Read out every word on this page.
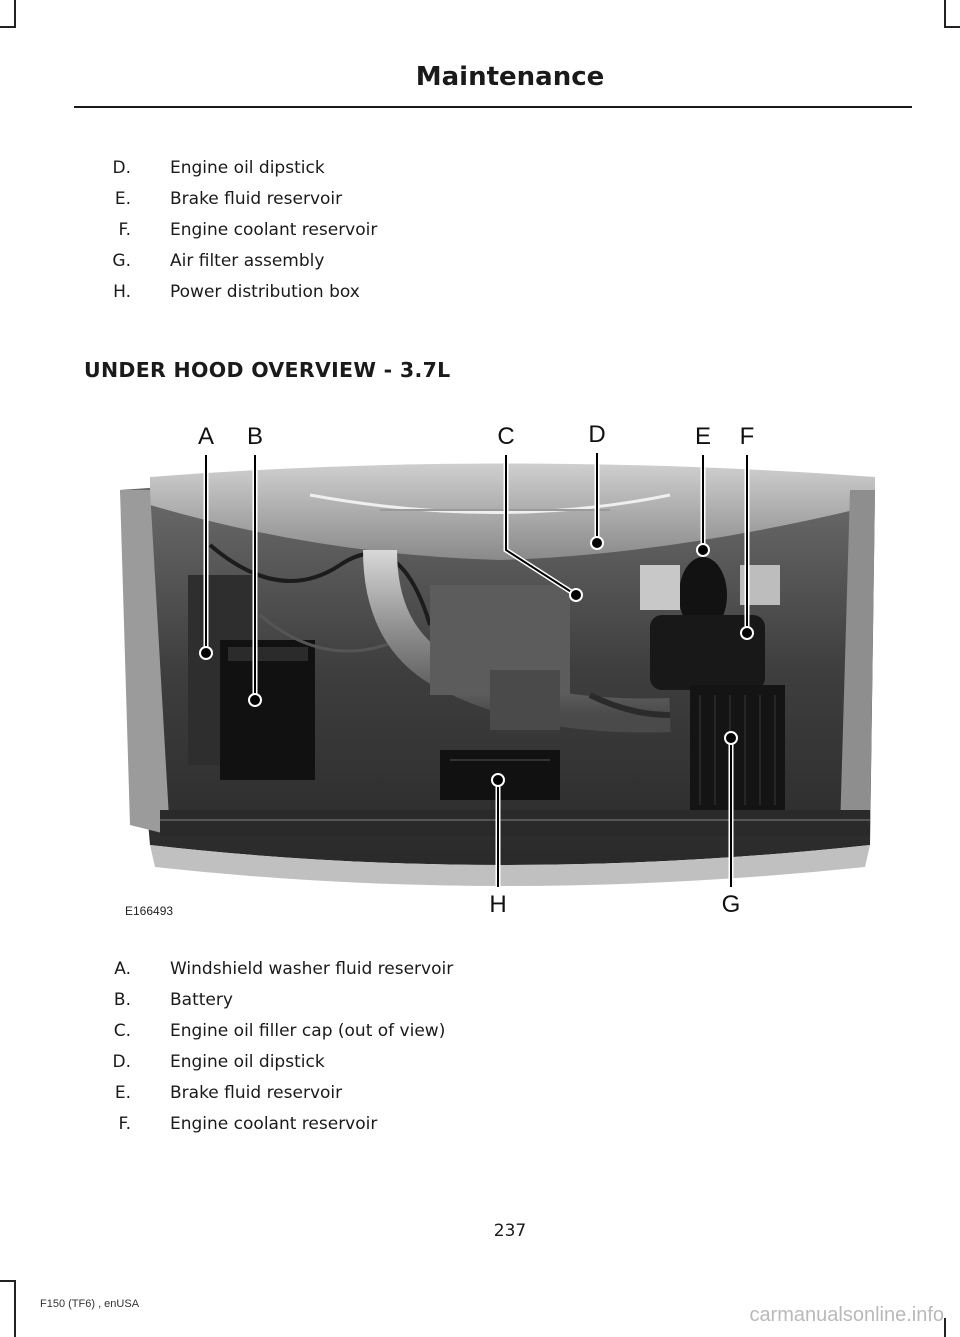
Maintenance
D. Engine oil dipstick
E. Brake fluid reservoir
F. Engine coolant reservoir
G. Air filter assembly
H. Power distribution box
UNDER HOOD OVERVIEW - 3.7L
A B	C	D	E F
G
H
E166493
A. Windshield washer fluid reservoir
B. Battery
C. Engine oil filler cap (out of view)
D. Engine oil dipstick
E. Brake fluid reservoir
F. Engine coolant reservoir
237
F150 (TF6) , enUSA	carmanualsonline.info
